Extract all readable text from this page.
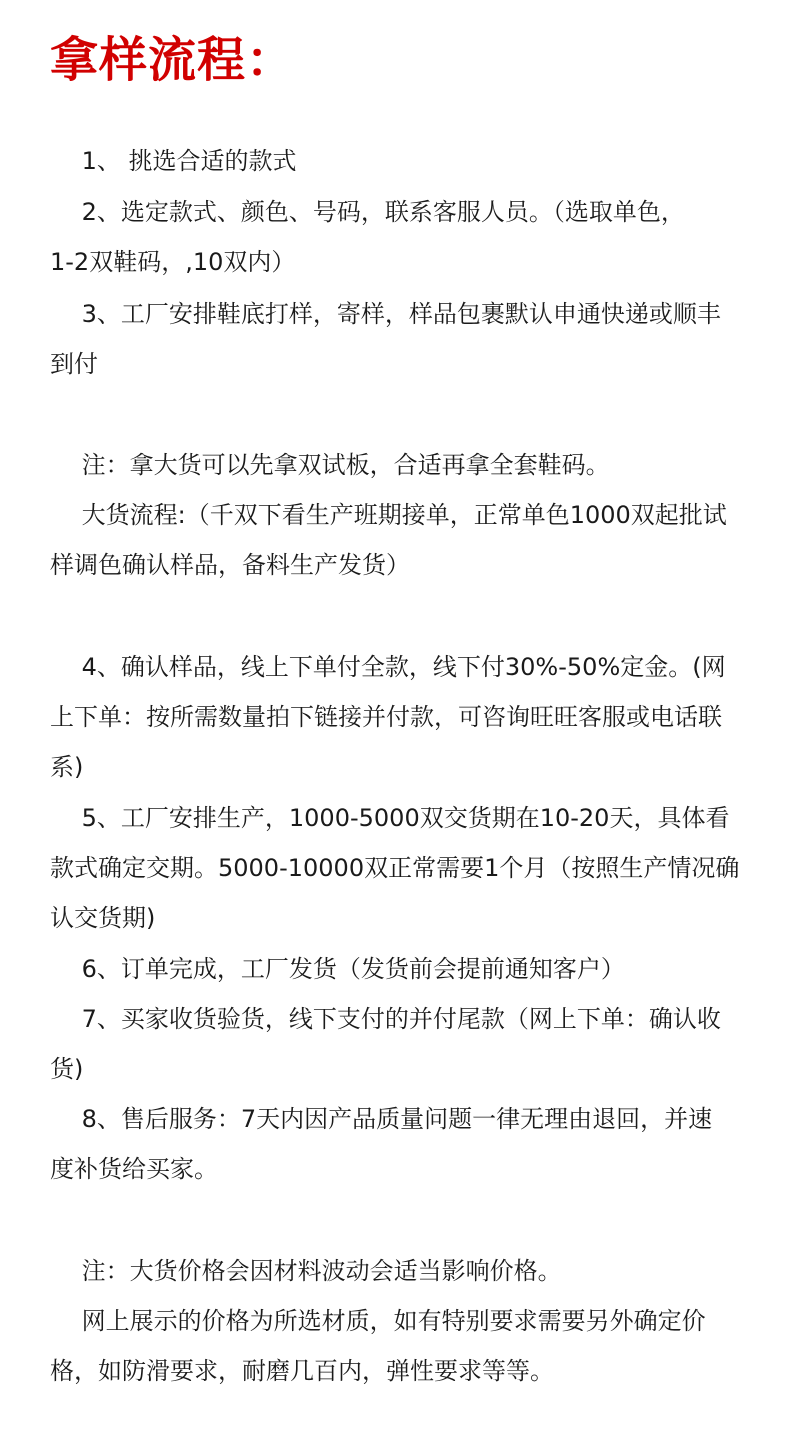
拿样流程：

　 1、 挑选合适的款式

　 2、选定款式、颜色、号码，联系客服人员。（选取单色，
1-2双鞋码，,10双内）

　 3、工厂安排鞋底打样，寄样，样品包裹默认申通快递或顺丰
到付

　 注：拿大货可以先拿双试板，合适再拿全套鞋码。

　 大货流程:（千双下看生产班期接单，正常单色1000双起批试
样调色确认样品，备料生产发货）

　 4、确认样品，线上下单付全款，线下付30%-50%定金。(网
上下单：按所需数量拍下链接并付款，可咨询旺旺客服或电话联
系)

　 5、工厂安排生产，1000-5000双交货期在10-20天，具体看
款式确定交期。5000-10000双正常需要1个月（按照生产情况确
认交货期)

　 6、订单完成，工厂发货（发货前会提前通知客户）

　 7、买家收货验货，线下支付的并付尾款（网上下单：确认收
货)

　 8、售后服务：7天内因产品质量问题一律无理由退回，并速
度补货给买家。

　 注：大货价格会因材料波动会适当影响价格。

　 网上展示的价格为所选材质，如有特别要求需要另外确定价
格，如防滑要求，耐磨几百内，弹性要求等等。
